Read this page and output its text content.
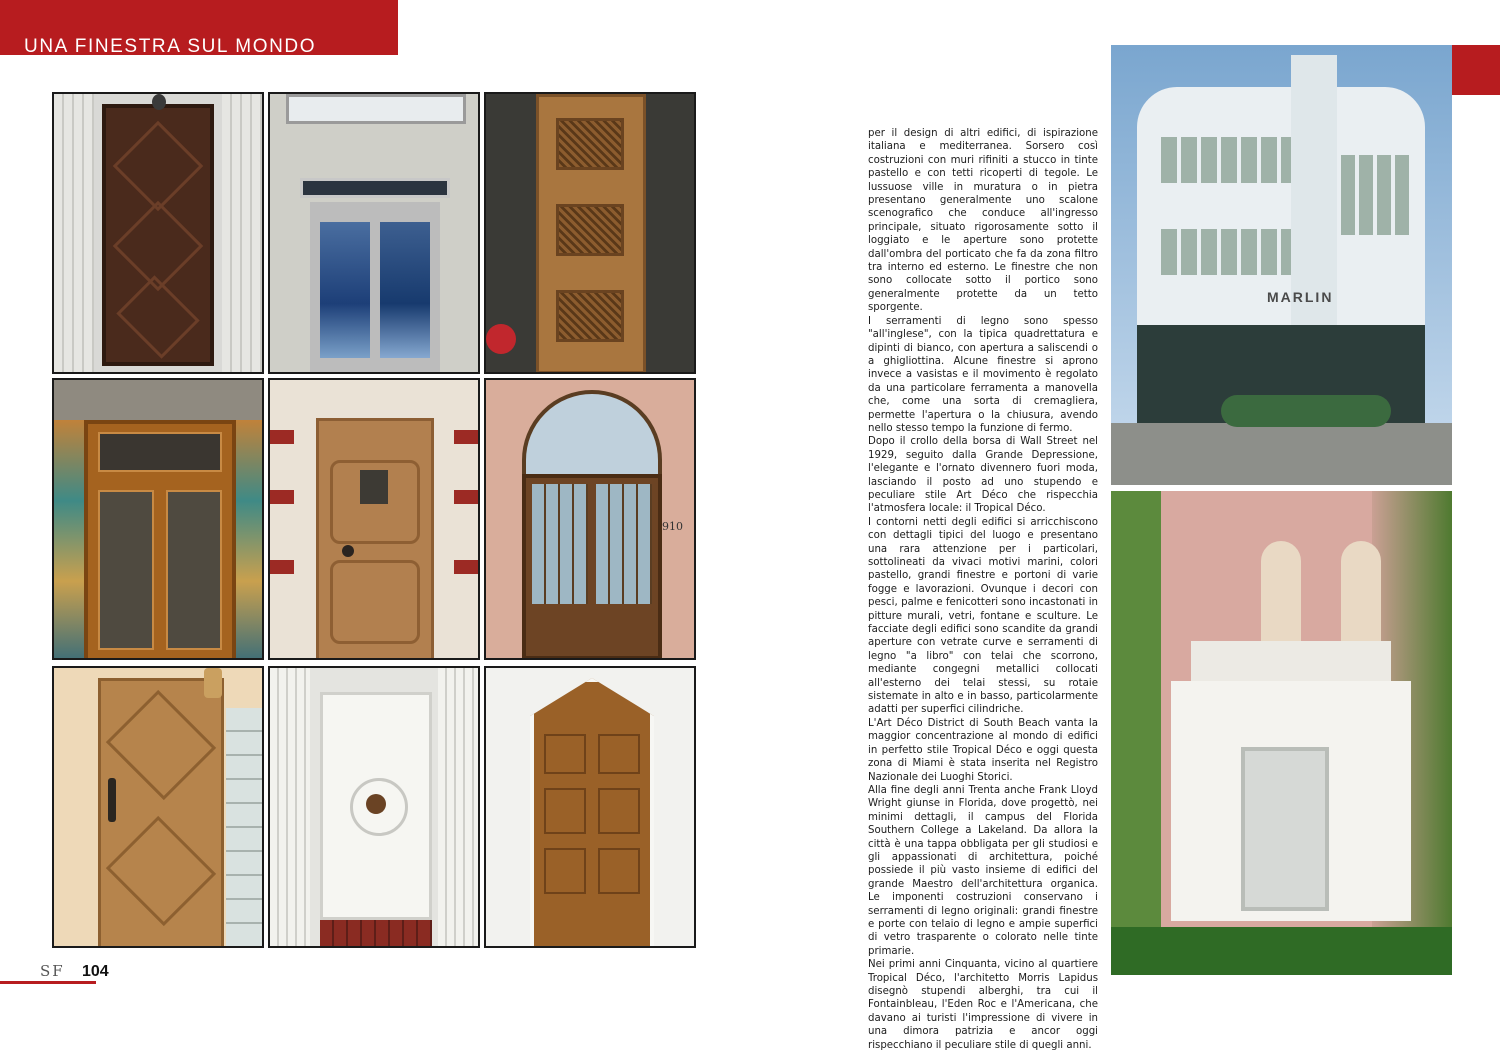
UNA FINESTRA SUL MONDO
910

per il design di altri edifici, di ispirazione italiana e mediterranea. Sorsero così costruzioni con muri rifiniti a stucco in tinte pastello e con tetti ricoperti di tegole. Le lussuose ville in muratura o in pietra presentano generalmente uno scalone scenografico che conduce all'ingresso principale, situato rigorosamente sotto il loggiato e le aperture sono protette dall'ombra del porticato che fa da zona filtro tra interno ed esterno. Le finestre che non sono collocate sotto il portico sono generalmente protette da un tetto sporgente.

I serramenti di legno sono spesso "all'inglese", con la tipica quadrettatura e dipinti di bianco, con apertura a saliscendi o a ghigliottina. Alcune finestre si aprono invece a vasistas e il movimento è regolato da una particolare ferramenta a manovella che, come una sorta di cremagliera, permette l'apertura o la chiusura, avendo nello stesso tempo la funzione di fermo.

Dopo il crollo della borsa di Wall Street nel 1929, seguito dalla Grande Depressione, l'elegante e l'ornato divennero fuori moda, lasciando il posto ad uno stupendo e peculiare stile Art Déco che rispecchia l'atmosfera locale: il Tropical Déco.

I contorni netti degli edifici si arricchiscono con dettagli tipici del luogo e presentano una rara attenzione per i particolari, sottolineati da vivaci motivi marini, colori pastello, grandi finestre e portoni di varie fogge e lavorazioni. Ovunque i decori con pesci, palme e fenicotteri sono incastonati in pitture murali, vetri, fontane e sculture. Le facciate degli edifici sono scandite da grandi aperture con vetrate curve e serramenti di legno "a libro" con telai che scorrono, mediante congegni metallici collocati all'esterno dei telai stessi, su rotaie sistemate in alto e in basso, particolarmente adatti per superfici cilindriche.

L'Art Déco District di South Beach vanta la maggior concentrazione al mondo di edifici in perfetto stile Tropical Déco e oggi questa zona di Miami è stata inserita nel Registro Nazionale dei Luoghi Storici.

Alla fine degli anni Trenta anche Frank Lloyd Wright giunse in Florida, dove progettò, nei minimi dettagli, il campus del Florida Southern College a Lakeland. Da allora la città è una tappa obbligata per gli studiosi e gli appassionati di architettura, poiché possiede il più vasto insieme di edifici del grande Maestro dell'architettura organica. Le imponenti costruzioni conservano i serramenti di legno originali: grandi finestre e porte con telaio di legno e ampie superfici di vetro trasparente o colorato nelle tinte primarie.

Nei primi anni Cinquanta, vicino al quartiere Tropical Déco, l'architetto Morris Lapidus disegnò stupendi alberghi, tra cui il Fontainbleau, l'Eden Roc e l'Americana, che davano ai turisti l'impressione di vivere in una dimora patrizia e ancor oggi rispecchiano il peculiare stile di quegli anni.

MARLIN
SF 104
